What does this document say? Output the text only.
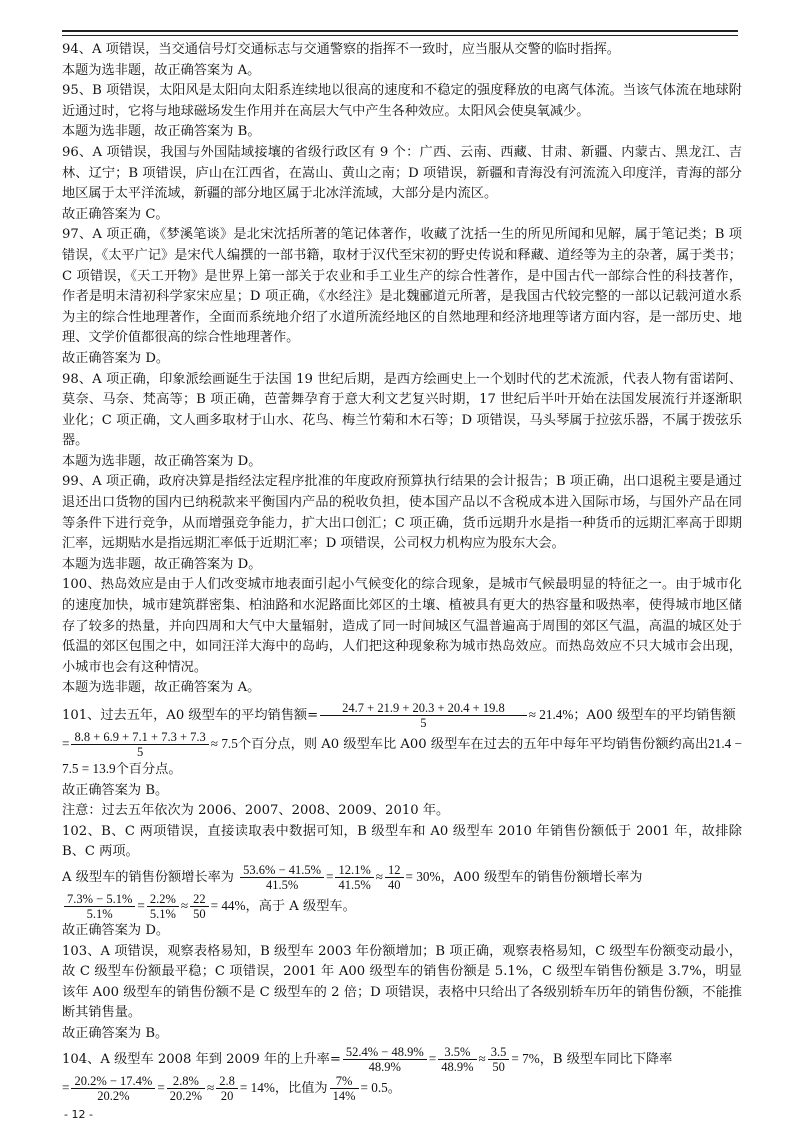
94、A 项错误，当交通信号灯交通标志与交通警察的指挥不一致时，应当服从交警的临时指挥。

本题为选非题，故正确答案为 A。

95、B 项错误，太阳风是太阳向太阳系连续地以很高的速度和不稳定的强度释放的电离气体流。当该气体流在地球附近通过时，它将与地球磁场发生作用并在高层大气中产生各种效应。太阳风会使臭氧减少。

本题为选非题，故正确答案为 B。

96、A 项错误，我国与外国陆域接壤的省级行政区有 9 个：广西、云南、西藏、甘肃、新疆、内蒙古、黑龙江、吉林、辽宁；B 项错误，庐山在江西省，在嵩山、黄山之南；D 项错误，新疆和青海没有河流流入印度洋，青海的部分地区属于太平洋流域，新疆的部分地区属于北冰洋流域，大部分是内流区。

故正确答案为 C。

97、A 项正确，《梦溪笔谈》是北宋沈括所著的笔记体著作，收藏了沈括一生的所见所闻和见解，属于笔记类；B 项错误，《太平广记》是宋代人编撰的一部书籍，取材于汉代至宋初的野史传说和释藏、道经等为主的杂著，属于类书；C 项错误，《天工开物》是世界上第一部关于农业和手工业生产的综合性著作，是中国古代一部综合性的科技著作，作者是明末清初科学家宋应星；D 项正确，《水经注》是北魏郦道元所著，是我国古代较完整的一部以记载河道水系为主的综合性地理著作，全面而系统地介绍了水道所流经地区的自然地理和经济地理等诸方面内容，是一部历史、地理、文学价值都很高的综合性地理著作。

故正确答案为 D。

98、A 项正确，印象派绘画诞生于法国 19 世纪后期，是西方绘画史上一个划时代的艺术流派，代表人物有雷诺阿、莫奈、马奈、梵高等；B 项正确，芭蕾舞孕育于意大利文艺复兴时期，17 世纪后半叶开始在法国发展流行并逐渐职业化；C 项正确，文人画多取材于山水、花鸟、梅兰竹菊和木石等；D 项错误，马头琴属于拉弦乐器，不属于拨弦乐器。

本题为选非题，故正确答案为 D。

99、A 项正确，政府决算是指经法定程序批准的年度政府预算执行结果的会计报告；B 项正确，出口退税主要是通过退还出口货物的国内已纳税款来平衡国内产品的税收负担，使本国产品以不含税成本进入国际市场，与国外产品在同等条件下进行竞争，从而增强竞争能力，扩大出口创汇；C 项正确，货币远期升水是指一种货币的远期汇率高于即期汇率，远期贴水是指远期汇率低于近期汇率；D 项错误，公司权力机构应为股东大会。

本题为选非题，故正确答案为 D。

100、热岛效应是由于人们改变城市地表面引起小气候变化的综合现象，是城市气候最明显的特征之一。由于城市化的速度加快，城市建筑群密集、柏油路和水泥路面比郊区的土壤、植被具有更大的热容量和吸热率，使得城市地区储存了较多的热量，并向四周和大气中大量辐射，造成了同一时间城区气温普遍高于周围的郊区气温，高温的城区处于低温的郊区包围之中，如同汪洋大海中的岛屿，人们把这种现象称为城市热岛效应。而热岛效应不只大城市会出现，小城市也会有这种情况。

本题为选非题，故正确答案为 A。

101、过去五年，A0 级型车的平均销售额= $\frac{24.7 + 21.9 + 20.3 + 20.4 + 19.8}{5} \approx 21.4\%$；A00 级型车的平均销售额
= $\frac{8.8 + 6.9 + 7.1 + 7.3 + 7.3}{5} \approx 7.5$个百分点，则 A0 级型车比 A00 级型车在过去的五年中每年平均销售份额约高出21.4 − 7.5 = 13.9个百分点。

故正确答案为 B。

注意：过去五年依次为 2006、2007、2008、2009、2010 年。

102、B、C 两项错误，直接读取表中数据可知，B 级型车和 A0 级型车 2010 年销售份额低于 2001 年，故排除 B、C 两项。

A 级型车的销售份额增长率为 $\frac{53.6\% - 41.5\%}{41.5\%} = \frac{12.1\%}{41.5\%} \approx \frac{12}{40} = 30\%$，A00 级型车的销售份额增长率为

$\frac{7.3\% - 5.1\%}{5.1\%} = \frac{2.2\%}{5.1\%} \approx \frac{22}{50} = 44\%$，高于 A 级型车。

故正确答案为 D。

103、A 项错误，观察表格易知，B 级型车 2003 年份额增加；B 项正确，观察表格易知，C 级型车份额变动最小，故 C 级型车份额最平稳；C 项错误，2001 年 A00 级型车的销售份额是 5.1%，C 级型车销售份额是 3.7%，明显该年 A00 级型车的销售份额不是 C 级型车的 2 倍；D 项错误，表格中只给出了各级别轿车历年的销售份额，不能推断其销售量。

故正确答案为 B。

104、A 级型车 2008 年到 2009 年的上升率= $\frac{52.4\% - 48.9\%}{48.9\%} = \frac{3.5\%}{48.9\%} \approx \frac{3.5}{50} = 7\%$，B 级型车同比下降率
= $\frac{20.2\% - 17.4\%}{20.2\%} = \frac{2.8\%}{20.2\%} \approx \frac{2.8}{20} = 14\%$，比值为 $\frac{7\%}{14\%} = 0.5$。

- 12 -
